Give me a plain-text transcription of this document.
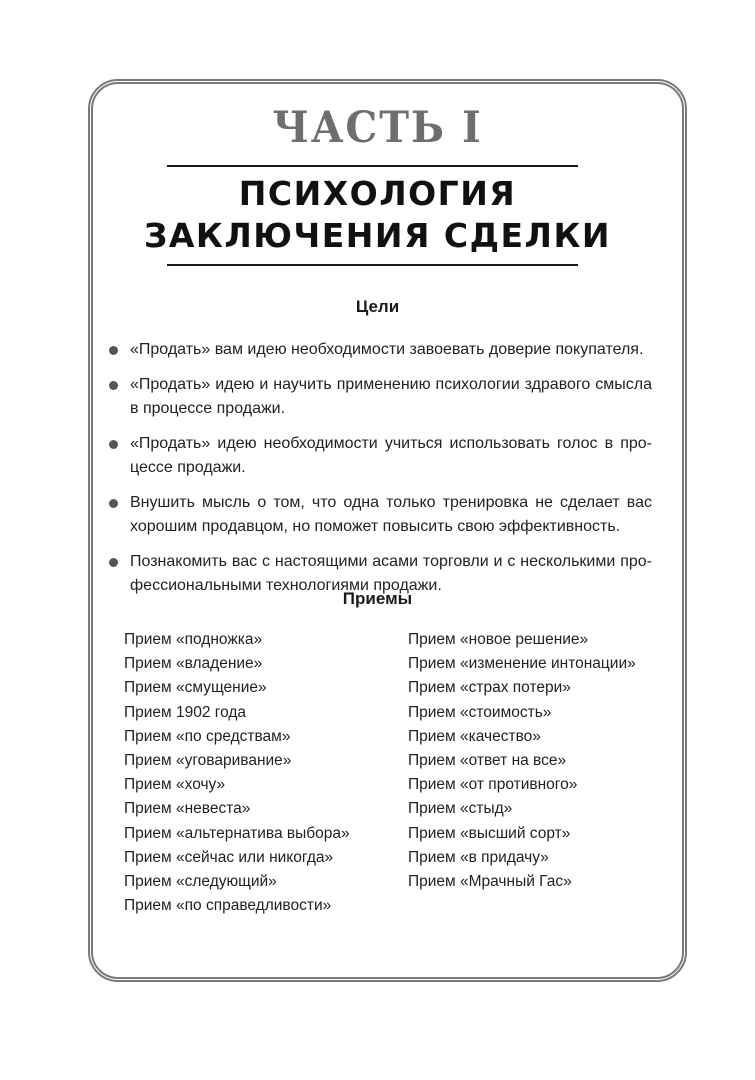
ЧАСТЬ I
ПСИХОЛОГИЯ
ЗАКЛЮЧЕНИЯ СДЕЛКИ
Цели
«Продать» вам идею необходимости завоевать доверие покупателя.
«Продать» идею и научить применению психологии здравого смысла в процессе продажи.
«Продать» идею необходимости учиться использовать голос в процессе продажи.
Внушить мысль о том, что одна только тренировка не сделает вас хорошим продавцом, но поможет повысить свою эффективность.
Познакомить вас с настоящими асами торговли и с несколькими профессиональными технологиями продажи.
Приемы
Прием «подножка»
Прием «владение»
Прием «смущение»
Прием 1902 года
Прием «по средствам»
Прием «уговаривание»
Прием «хочу»
Прием «невеста»
Прием «альтернатива выбора»
Прием «сейчас или никогда»
Прием «следующий»
Прием «по справедливости»
Прием «новое решение»
Прием «изменение интонации»
Прием «страх потери»
Прием «стоимость»
Прием «качество»
Прием «ответ на все»
Прием «от противного»
Прием «стыд»
Прием «высший сорт»
Прием «в придачу»
Прием «Мрачный Гас»
